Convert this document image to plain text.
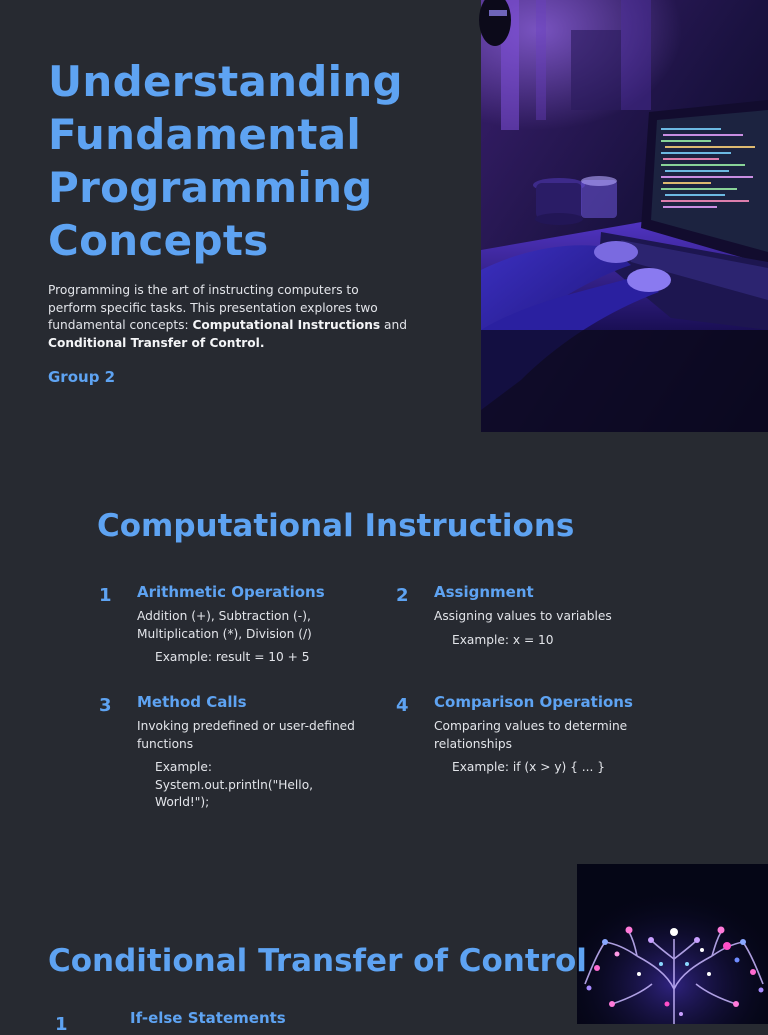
Understanding
Fundamental
Programming
Concepts

Programming is the art of instructing computers to perform specific tasks. This presentation explores two fundamental concepts: Computational Instructions and Conditional Transfer of Control.

Group 2
Computational Instructions
1 Arithmetic Operations
Addition (+), Subtraction (-), Multiplication (*), Division (/)
Example: result = 10 + 5
2 Assignment
Assigning values to variables
Example: x = 10
3 Method Calls
Invoking predefined or user-defined functions
Example: System.out.println("Hello, World!");
4 Comparison Operations
Comparing values to determine relationships
Example: if (x > y) { ... }
Conditional Transfer of Control
1	If-else Statements
